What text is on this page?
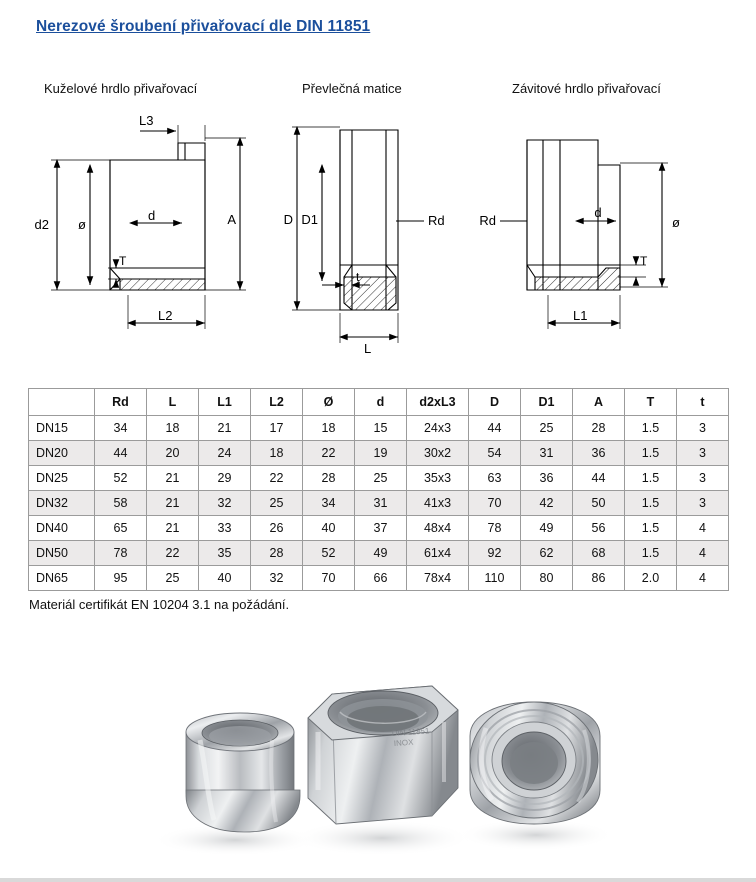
Nerezové šroubení přivařovací dle DIN 11851
Kuželové hrdlo přivařovací	Převlečná matice	Závitové hrdlo přivařovací
d2 ø
d	A
L3
T
L2
D D1	Rd
t
L
Rd
d
ø
T
L1
	Rd	L	L1	L2	Ø	d	d2xL3	D	D1	A	T	t
DN15	34	18	21	17	18	15	24x3	44	25	28	1.5	3
DN20	44	20	24	18	22	19	30x2	54	31	36	1.5	3
DN25	52	21	29	22	28	25	35x3	63	36	44	1.5	3
DN32	58	21	32	25	34	31	41x3	70	42	50	1.5	3
DN40	65	21	33	26	40	37	48x4	78	49	56	1.5	4
DN50	78	22	35	28	52	49	61x4	92	62	68	1.5	4
DN65	95	25	40	32	70	66	78x4	110	80	86	2.0	4
Materiál certifikát EN 10204 3.1 na požádání.
DIN 11851
INOX
